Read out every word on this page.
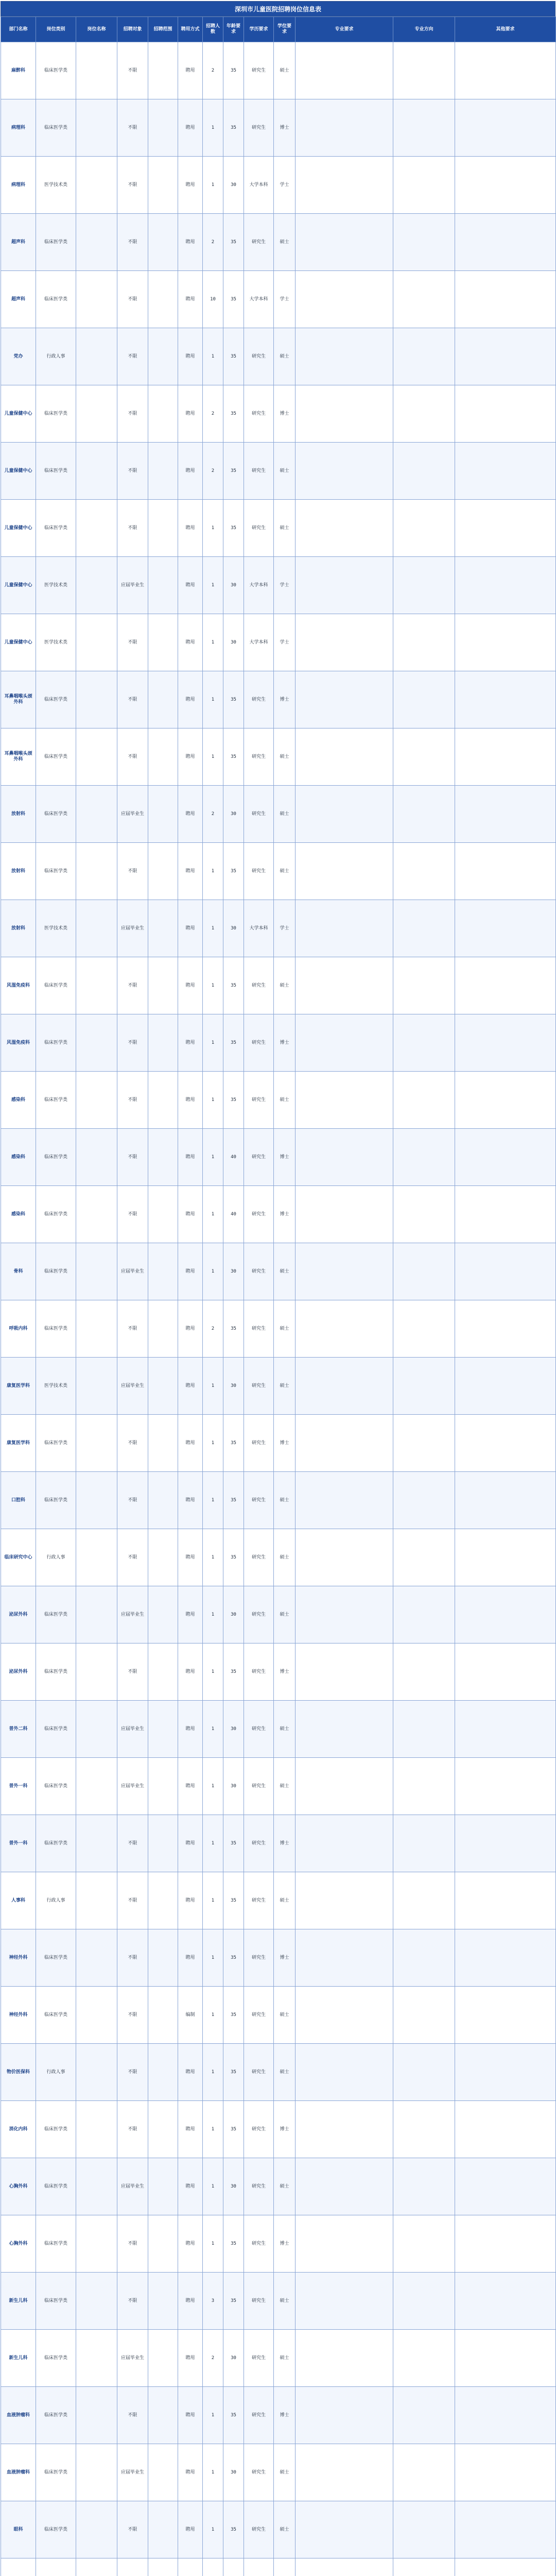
深圳市儿童医院招聘岗位信息表
部门名称	岗位类别	岗位名称	招聘对象	招聘范围	聘用方式	招聘人数	年龄要求	学历要求	学位要求	专业要求	专业方向	其他要求
麻醉科	临床医学类		不限		聘用	2	35	研究生	硕士			
病理科	临床医学类		不限		聘用	1	35	研究生	博士			
病理科	医学技术类		不限		聘用	1	30	大学本科	学士			
超声科	临床医学类		不限		聘用	2	35	研究生	硕士			
超声科	临床医学类		不限		聘用	10	35	大学本科	学士			
党办	行政人事		不限		聘用	1	35	研究生	硕士			
儿童保健中心	临床医学类		不限		聘用	2	35	研究生	博士			
儿童保健中心	临床医学类		不限		聘用	2	35	研究生	硕士			
儿童保健中心	临床医学类		不限		聘用	1	35	研究生	硕士			
儿童保健中心	医学技术类		应届毕业生		聘用	1	30	大学本科	学士			
儿童保健中心	医学技术类		不限		聘用	1	30	大学本科	学士			
耳鼻咽喉头颈外科	临床医学类		不限		聘用	1	35	研究生	博士			
耳鼻咽喉头颈外科	临床医学类		不限		聘用	1	35	研究生	硕士			
放射科	临床医学类		应届毕业生		聘用	2	30	研究生	硕士			
放射科	临床医学类		不限		聘用	1	35	研究生	硕士			
放射科	医学技术类		应届毕业生		聘用	1	30	大学本科	学士			
风湿免疫科	临床医学类		不限		聘用	1	35	研究生	硕士			
风湿免疫科	临床医学类		不限		聘用	1	35	研究生	博士			
感染科	临床医学类		不限		聘用	1	35	研究生	硕士			
感染科	临床医学类		不限		聘用	1	40	研究生	博士			
感染科	临床医学类		不限		聘用	1	40	研究生	博士			
骨科	临床医学类		应届毕业生		聘用	1	30	研究生	硕士			
呼吸内科	临床医学类		不限		聘用	2	35	研究生	硕士			
康复医学科	医学技术类		应届毕业生		聘用	1	30	研究生	硕士			
康复医学科	临床医学类		不限		聘用	1	35	研究生	博士			
口腔科	临床医学类		不限		聘用	1	35	研究生	硕士			
临床研究中心	行政人事		不限		聘用	1	35	研究生	硕士			
泌尿外科	临床医学类		应届毕业生		聘用	1	30	研究生	硕士			
泌尿外科	临床医学类		不限		聘用	1	35	研究生	博士			
普外二科	临床医学类		应届毕业生		聘用	1	30	研究生	硕士			
普外一科	临床医学类		应届毕业生		聘用	1	30	研究生	硕士			
普外一科	临床医学类		不限		聘用	1	35	研究生	博士			
人事科	行政人事		不限		聘用	1	35	研究生	硕士			
神经外科	临床医学类		不限		聘用	1	35	研究生	博士			
神经外科	临床医学类		不限		编制	1	35	研究生	硕士			
物价医保科	行政人事		不限		聘用	1	35	研究生	硕士			
消化内科	临床医学类		不限		聘用	1	35	研究生	博士			
心胸外科	临床医学类		应届毕业生		聘用	1	30	研究生	硕士			
心胸外科	临床医学类		不限		聘用	1	35	研究生	博士			
新生儿科	临床医学类		不限		聘用	3	35	研究生	硕士			
新生儿科	临床医学类		应届毕业生		聘用	2	30	研究生	硕士			
血液肿瘤科	临床医学类		不限		聘用	1	35	研究生	博士			
血液肿瘤科	临床医学类		应届毕业生		聘用	1	30	研究生	硕士			
眼科	临床医学类		不限		聘用	1	35	研究生	硕士			
